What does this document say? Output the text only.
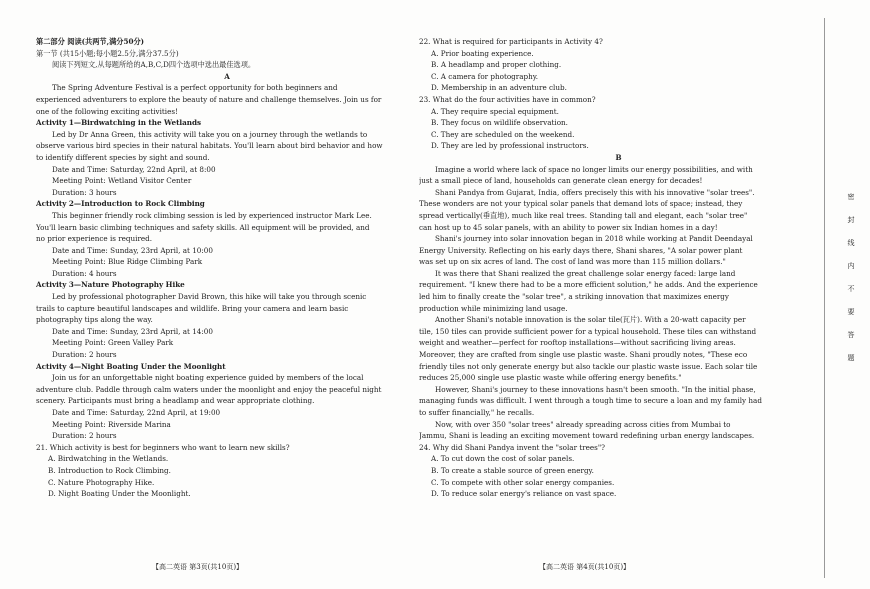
第二部分 阅读(共两节,满分50分)
第一节 (共15小题;每小题2.5分,满分37.5分)
阅读下列短文,从每题所给的A,B,C,D四个选项中选出最佳选项。
A
The Spring Adventure Festival is a perfect opportunity for both beginners and
experienced adventurers to explore the beauty of nature and challenge themselves. Join us for
one of the following exciting activities!
Activity 1—Birdwatching in the Wetlands
Led by Dr Anna Green, this activity will take you on a journey through the wetlands to
observe various bird species in their natural habitats. You'll learn about bird behavior and how
to identify different species by sight and sound.
Date and Time: Saturday, 22nd April, at 8:00
Meeting Point: Wetland Visitor Center
Duration: 3 hours
Activity 2—Introduction to Rock Climbing
This beginner friendly rock climbing session is led by experienced instructor Mark Lee.
You'll learn basic climbing techniques and safety skills. All equipment will be provided, and
no prior experience is required.
Date and Time: Sunday, 23rd April, at 10:00
Meeting Point: Blue Ridge Climbing Park
Duration: 4 hours
Activity 3—Nature Photography Hike
Led by professional photographer David Brown, this hike will take you through scenic
trails to capture beautiful landscapes and wildlife. Bring your camera and learn basic
photography tips along the way.
Date and Time: Sunday, 23rd April, at 14:00
Meeting Point: Green Valley Park
Duration: 2 hours
Activity 4—Night Boating Under the Moonlight
Join us for an unforgettable night boating experience guided by members of the local
adventure club. Paddle through calm waters under the moonlight and enjoy the peaceful night
scenery. Participants must bring a headlamp and wear appropriate clothing.
Date and Time: Saturday, 22nd April, at 19:00
Meeting Point: Riverside Marina
Duration: 2 hours
21. Which activity is best for beginners who want to learn new skills?
A. Birdwatching in the Wetlands.
B. Introduction to Rock Climbing.
C. Nature Photography Hike.
D. Night Boating Under the Moonlight.
22. What is required for participants in Activity 4?
A. Prior boating experience.
B. A headlamp and proper clothing.
C. A camera for photography.
D. Membership in an adventure club.
23. What do the four activities have in common?
A. They require special equipment.
B. They focus on wildlife observation.
C. They are scheduled on the weekend.
D. They are led by professional instructors.
B
Imagine a world where lack of space no longer limits our energy possibilities, and with
just a small piece of land, households can generate clean energy for decades!
Shani Pandya from Gujarat, India, offers precisely this with his innovative "solar trees".
These wonders are not your typical solar panels that demand lots of space; instead, they
spread vertically(垂直地), much like real trees. Standing tall and elegant, each "solar tree"
can host up to 45 solar panels, with an ability to power six Indian homes in a day!
Shani's journey into solar innovation began in 2018 while working at Pandit Deendayal
Energy University. Reflecting on his early days there, Shani shares, "A solar power plant
was set up on six acres of land. The cost of land was more than 115 million dollars."
It was there that Shani realized the great challenge solar energy faced: large land
requirement. "I knew there had to be a more efficient solution," he adds. And the experience
led him to finally create the "solar tree", a striking innovation that maximizes energy
production while minimizing land usage.
Another Shani's notable innovation is the solar tile(瓦片). With a 20-watt capacity per
tile, 150 tiles can provide sufficient power for a typical household. These tiles can withstand
weight and weather—perfect for rooftop installations—without sacrificing living areas.
Moreover, they are crafted from single use plastic waste. Shani proudly notes, "These eco
friendly tiles not only generate energy but also tackle our plastic waste issue. Each solar tile
reduces 25,000 single use plastic waste while offering energy benefits."
However, Shani's journey to these innovations hasn't been smooth. "In the initial phase,
managing funds was difficult. I went through a tough time to secure a loan and my family had
to suffer financially," he recalls.
Now, with over 350 "solar trees" already spreading across cities from Mumbai to
Jammu, Shani is leading an exciting movement toward redefining urban energy landscapes.
24. Why did Shani Pandya invent the "solar trees"?
A. To cut down the cost of solar panels.
B. To create a stable source of green energy.
C. To compete with other solar energy companies.
D. To reduce solar energy's reliance on vast space.
【高二英语 第3页(共10页)】	【高二英语 第4页(共10页)】
密
封
线
内
不
要
答
题
